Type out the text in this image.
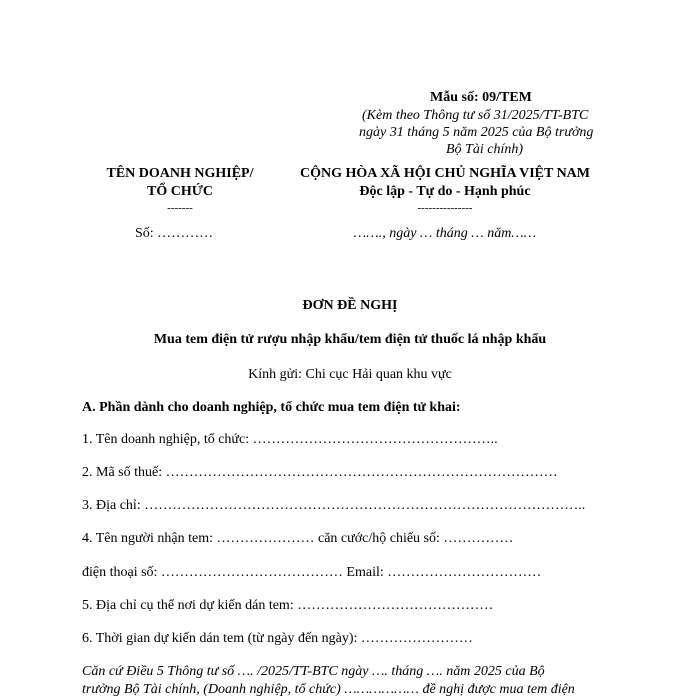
Mẫu số: 09/TEM
(Kèm theo Thông tư số 31/2025/TT-BTC
ngày 31 tháng 5 năm 2025 của Bộ trưởng
Bộ Tài chính)
TÊN DOANH NGHIỆP/
TỔ CHỨC
-------
Số: …………
CỘNG HÒA XÃ HỘI CHỦ NGHĨA VIỆT NAM
Độc lập - Tự do - Hạnh phúc
---------------
……., ngày … tháng … năm……
ĐƠN ĐỀ NGHỊ
Mua tem điện tử rượu nhập khẩu/tem điện tử thuốc lá nhập khẩu
Kính gửi: Chi cục Hải quan khu vực
A. Phần dành cho doanh nghiệp, tổ chức mua tem điện tử khai:
1. Tên doanh nghiệp, tổ chức: ……………………………………………..
2. Mã số thuế: …………………………………………………………………………
3. Địa chỉ: …………………………………………………………………………………..
4. Tên người nhận tem: ………………… căn cước/hộ chiếu số: ……………
điện thoại số: ………………………………… Email: ……………………………
5. Địa chỉ cụ thể nơi dự kiến dán tem: ……………………………………
6. Thời gian dự kiến dán tem (từ ngày đến ngày): ……………………
Căn cứ Điều 5 Thông tư số …. /2025/TT-BTC ngày …. tháng …. năm 2025 của Bộ
trưởng Bộ Tài chính, (Doanh nghiệp, tổ chức) ……………… đề nghị được mua tem điện
